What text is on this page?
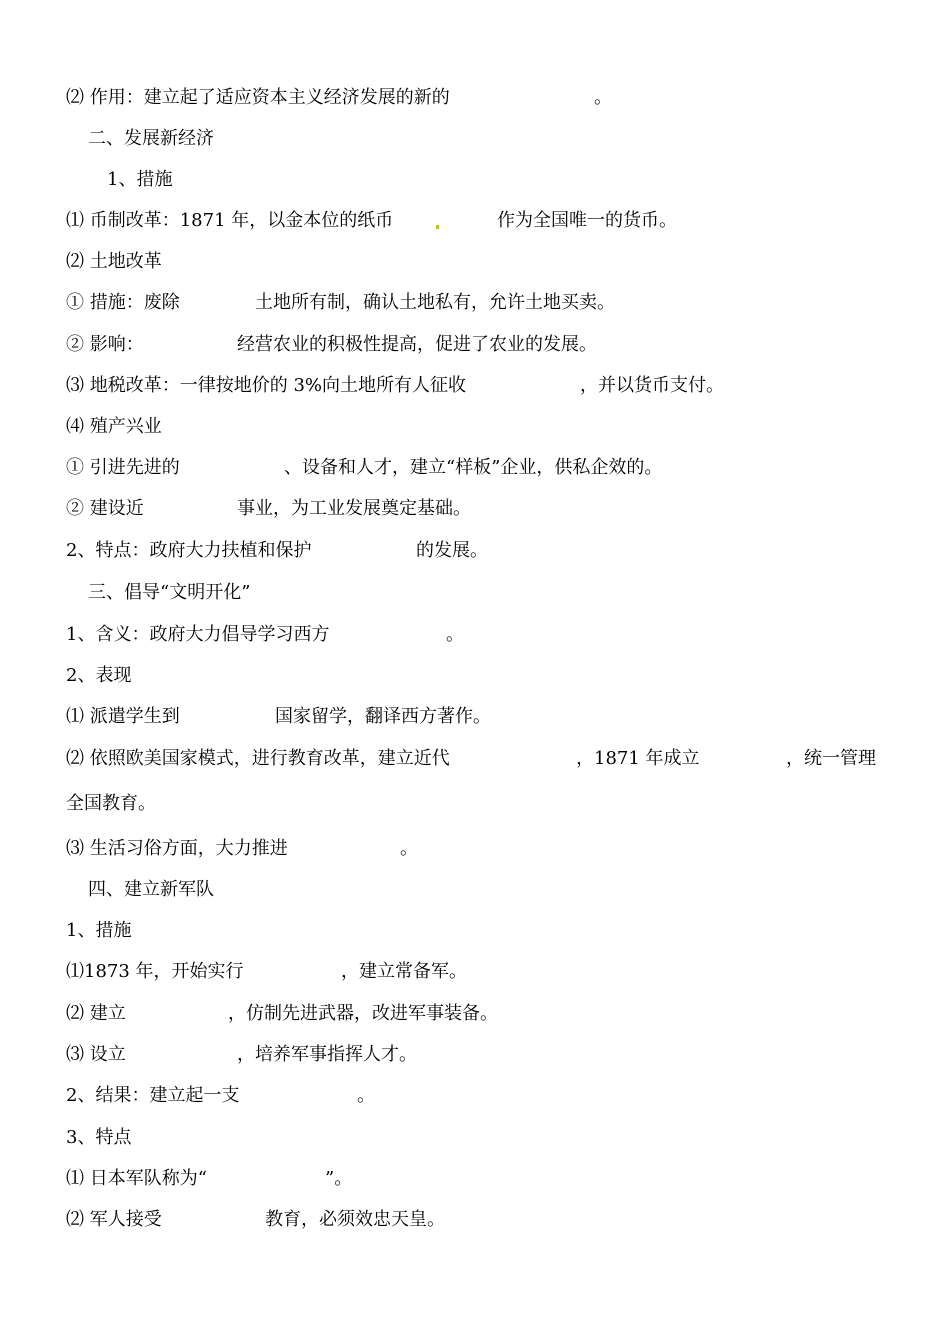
⑵ 作用：建立起了适应资本主义经济发展的新的	。
二、发展新经济
1、措施
⑴ 币制改革：1871 年，以金本位的纸币	作为全国唯一的货币。
⑵ 土地改革
① 措施：废除	土地所有制，确认土地私有，允许土地买卖。
② 影响：	经营农业的积极性提高，促进了农业的发展。
⑶ 地税改革：一律按地价的 3%向土地所有人征收	，并以货币支付。
⑷ 殖产兴业
① 引进先进的	、设备和人才，建立“样板”企业，供私企效的。
② 建设近	事业，为工业发展奠定基础。
2、特点：政府大力扶植和保护	的发展。
三、倡导“文明开化”
1、含义：政府大力倡导学习西方	。
2、表现
⑴ 派遣学生到	国家留学，翻译西方著作。
⑵ 依照欧美国家模式，进行教育改革，建立近代	，1871 年成立	，统一管理
全国教育。
⑶ 生活习俗方面，大力推进	。
四、建立新军队
1、措施
⑴1873 年，开始实行	，建立常备军。
⑵ 建立	，仿制先进武器，改进军事装备。
⑶ 设立	，培养军事指挥人才。
2、结果：建立起一支	。
3、特点
⑴ 日本军队称为“	”。
⑵ 军人接受	教育，必须效忠天皇。
